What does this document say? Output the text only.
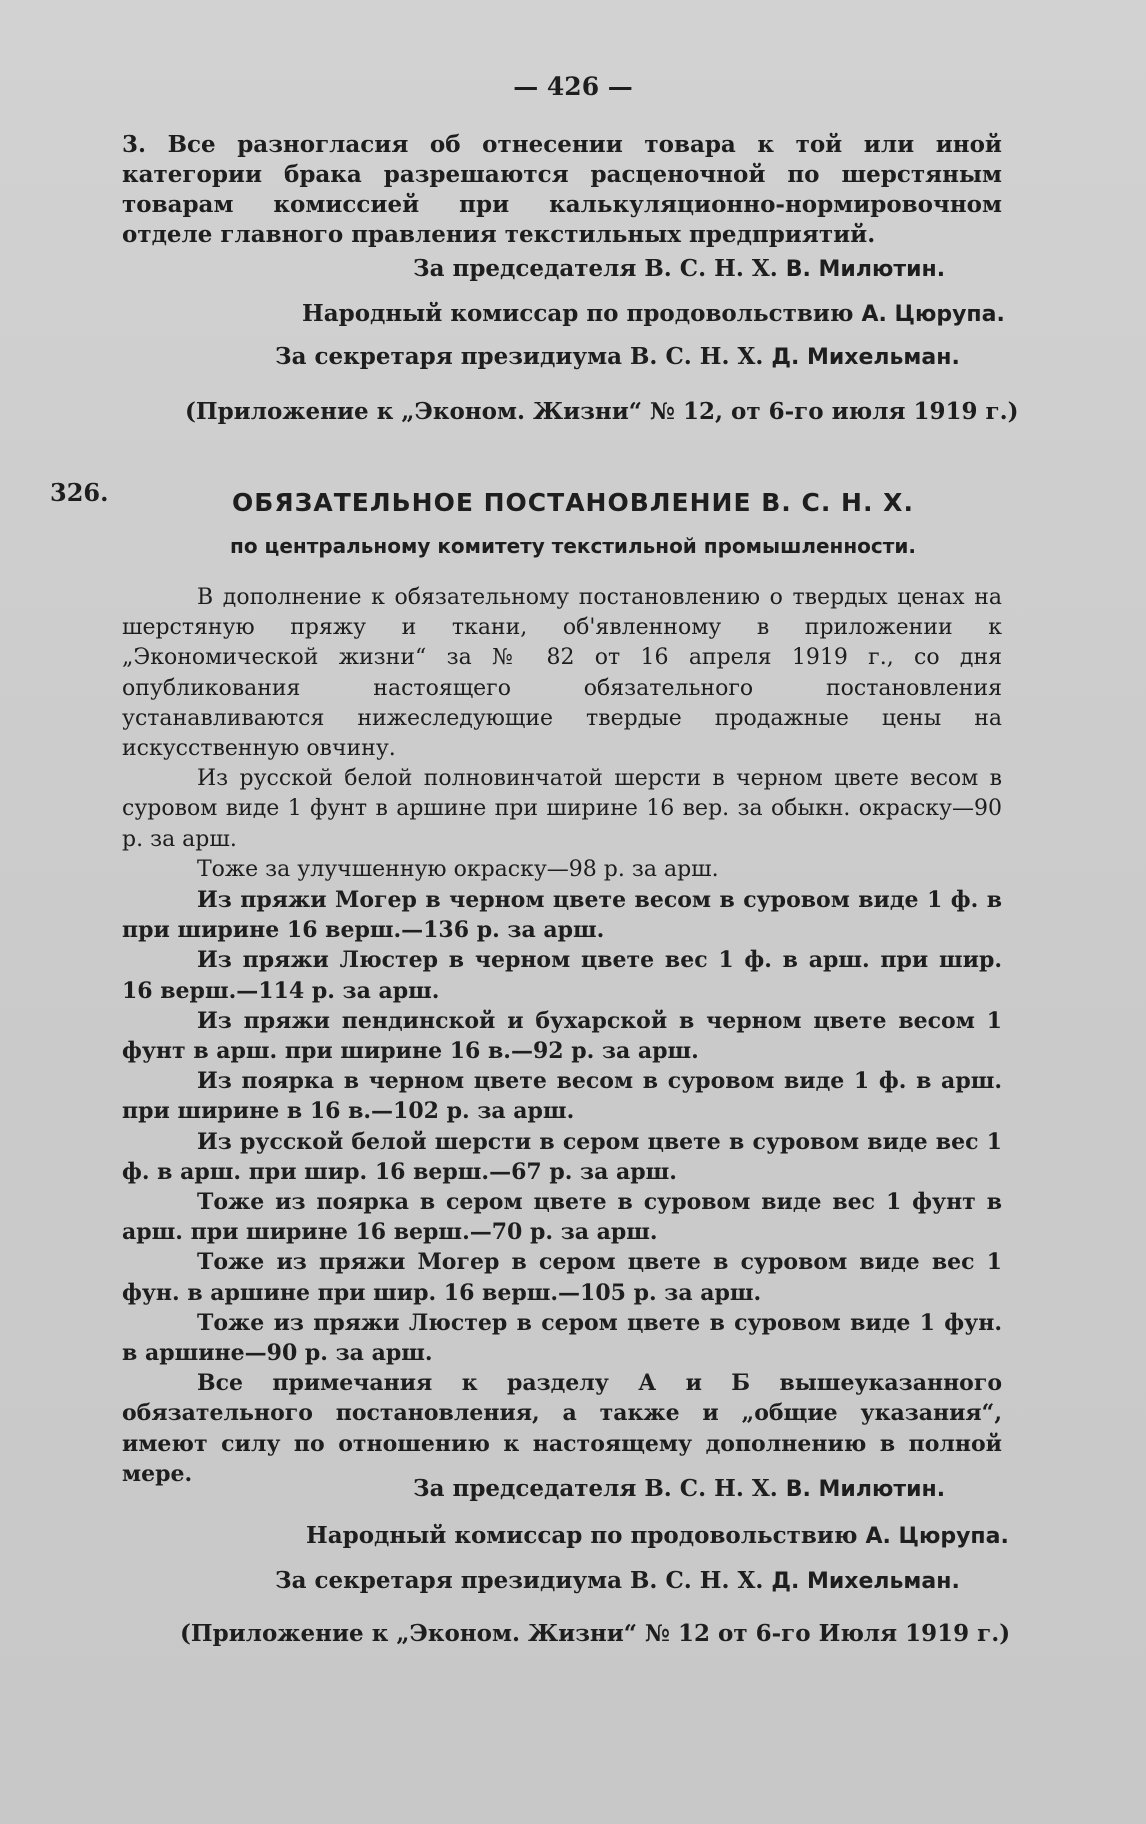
— 426 —

3. Все разногласия об отнесении товара к той или иной категории брака разрешаются расценочной по шерстяным товарам комиссией при калькуляционно-нормировочном отделе главного правления текстильных предприятий.

За председателя В. С. Н. Х. В. Милютин.
Народный комиссар по продовольствию А. Цюрупа.
За секретаря президиума В. С. Н. Х. Д. Михельман.
(Приложение к „Эконом. Жизни“ № 12, от 6-го июля 1919 г.)
326.	ОБЯЗАТЕЛЬНОЕ ПОСТАНОВЛЕНИЕ В. С. Н. Х.
по центральному комитету текстильной промышленности.

В дополнение к обязательному постановлению о твердых ценах на шерстяную пряжу и ткани, об'явленному в приложении к „Экономической жизни“ за № 82 от 16 апреля 1919 г., со дня опубликования настоящего обязательного постановления устанавливаются нижеследующие твердые продажные цены на искусственную овчину.

Из русской белой полновинчатой шерсти в черном цвете весом в суровом виде 1 фунт в аршине при ширине 16 вер. за обыкн. окраску—90 р. за арш.

Тоже за улучшенную окраску—98 р. за арш.

Из пряжи Могер в черном цвете весом в суровом виде 1 ф. в при ширине 16 верш.—136 р. за арш.

Из пряжи Люстер в черном цвете вес 1 ф. в арш. при шир. 16 верш.—114 р. за арш.

Из пряжи пендинской и бухарской в черном цвете весом 1 фунт в арш. при ширине 16 в.—92 р. за арш.

Из поярка в черном цвете весом в суровом виде 1 ф. в арш. при ширине в 16 в.—102 р. за арш.

Из русской белой шерсти в сером цвете в суровом виде вес 1 ф. в арш. при шир. 16 верш.—67 р. за арш.

Тоже из поярка в сером цвете в суровом виде вес 1 фунт в арш. при ширине 16 верш.—70 р. за арш.

Тоже из пряжи Могер в сером цвете в суровом виде вес 1 фун. в аршине при шир. 16 верш.—105 р. за арш.

Тоже из пряжи Люстер в сером цвете в суровом виде 1 фун. в аршине—90 р. за арш.

Все примечания к разделу А и Б вышеуказанного обязательного постановления, а также и „общие указания“, имеют силу по отношению к настоящему дополнению в полной мере.

За председателя В. С. Н. Х. В. Милютин.
Народный комиссар по продовольствию А. Цюрупа.
За секретаря президиума В. С. Н. Х. Д. Михельман.
(Приложение к „Эконом. Жизни“ № 12 от 6-го Июля 1919 г.)
